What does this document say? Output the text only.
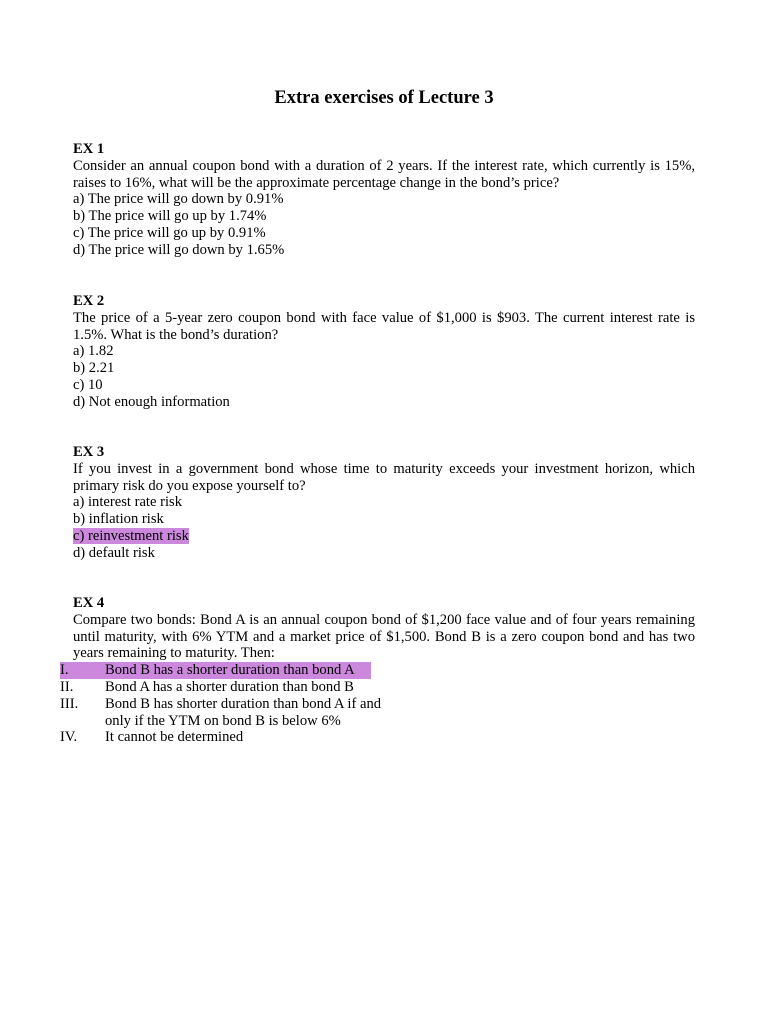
Extra exercises of Lecture 3

EX 1

Consider an annual coupon bond with a duration of 2 years. If the interest rate, which currently is 15%, raises to 16%, what will be the approximate percentage change in the bond’s price?

a) The price will go down by 0.91%

b) The price will go up by 1.74%

c) The price will go up by 0.91%

d) The price will go down by 1.65%

EX 2

The price of a 5-year zero coupon bond with face value of $1,000 is $903. The current interest rate is 1.5%. What is the bond’s duration?

a) 1.82

b) 2.21

c) 10

d) Not enough information

EX 3

If you invest in a government bond whose time to maturity exceeds your investment horizon, which primary risk do you expose yourself to?

a) interest rate risk

b) inflation risk

c) reinvestment risk

d) default risk

EX 4

Compare two bonds: Bond A is an annual coupon bond of $1,200 face value and of four years remaining until maturity, with 6% YTM and a market price of $1,500. Bond B is a zero coupon bond and has two years remaining to maturity. Then:

I.	Bond B has a shorter duration than bond A
II.	Bond A has a shorter duration than bond B
III.	Bond B has shorter duration than bond A if and only if the YTM on bond B is below 6%
IV.	It cannot be determined
